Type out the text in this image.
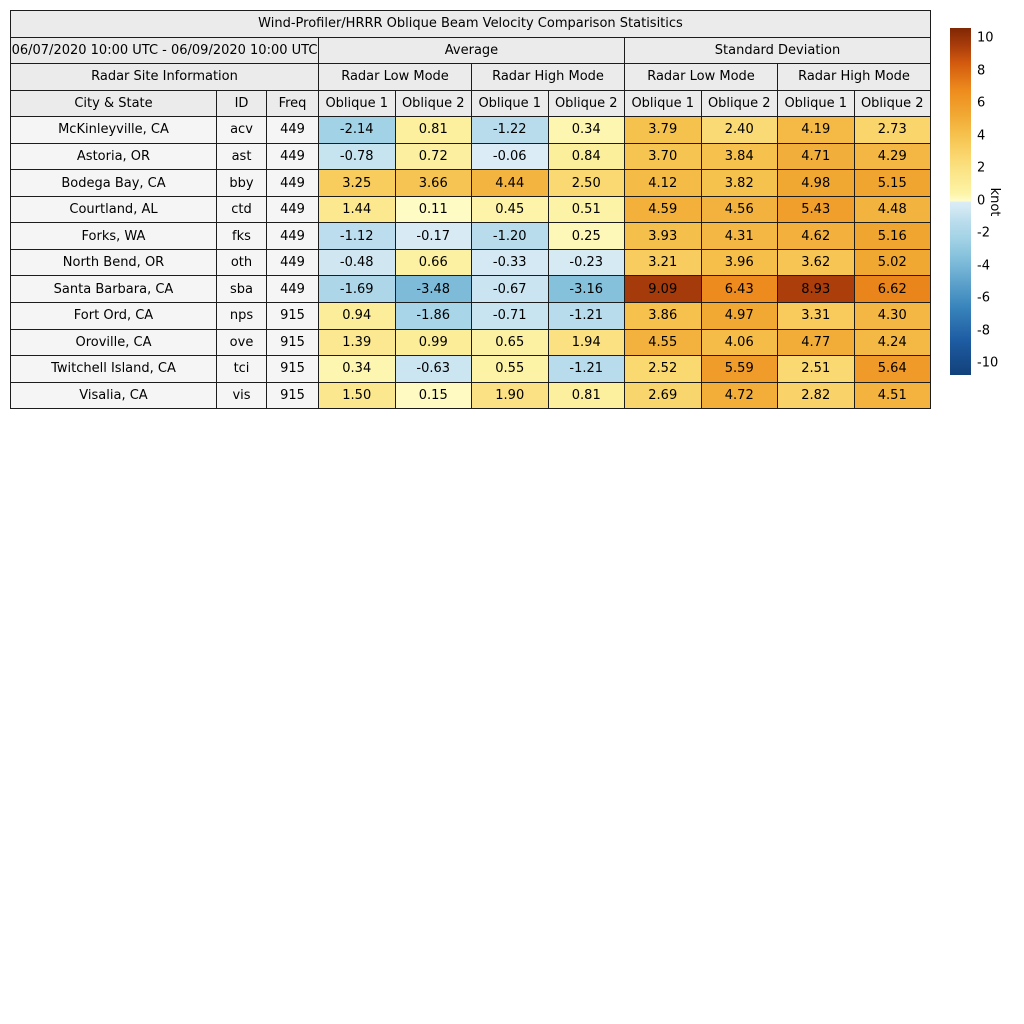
Wind-Profiler/HRRR Oblique Beam Velocity Comparison Statisitics										
06/07/2020 10:00 UTC - 06/09/2020 10:00 UTC			Average				Standard Deviation			
Radar Site Information			Radar Low Mode		Radar High Mode		Radar Low Mode		Radar High Mode	
City & State	ID	Freq	Oblique 1	Oblique 2	Oblique 1	Oblique 2	Oblique 1	Oblique 2	Oblique 1	Oblique 2
McKinleyville, CA	acv	449	-2.14	0.81	-1.22	0.34	3.79	2.40	4.19	2.73
Astoria, OR	ast	449	-0.78	0.72	-0.06	0.84	3.70	3.84	4.71	4.29
Bodega Bay, CA	bby	449	3.25	3.66	4.44	2.50	4.12	3.82	4.98	5.15
Courtland, AL	ctd	449	1.44	0.11	0.45	0.51	4.59	4.56	5.43	4.48
Forks, WA	fks	449	-1.12	-0.17	-1.20	0.25	3.93	4.31	4.62	5.16
North Bend, OR	oth	449	-0.48	0.66	-0.33	-0.23	3.21	3.96	3.62	5.02
Santa Barbara, CA	sba	449	-1.69	-3.48	-0.67	-3.16	9.09	6.43	8.93	6.62
Fort Ord, CA	nps	915	0.94	-1.86	-0.71	-1.21	3.86	4.97	3.31	4.30
Oroville, CA	ove	915	1.39	0.99	0.65	1.94	4.55	4.06	4.77	4.24
Twitchell Island, CA	tci	915	0.34	-0.63	0.55	-1.21	2.52	5.59	2.51	5.64
Visalia, CA	vis	915	1.50	0.15	1.90	0.81	2.69	4.72	2.82	4.51
10
8
6
4
2
0
-2
-4
-6
-8
-10
knot
